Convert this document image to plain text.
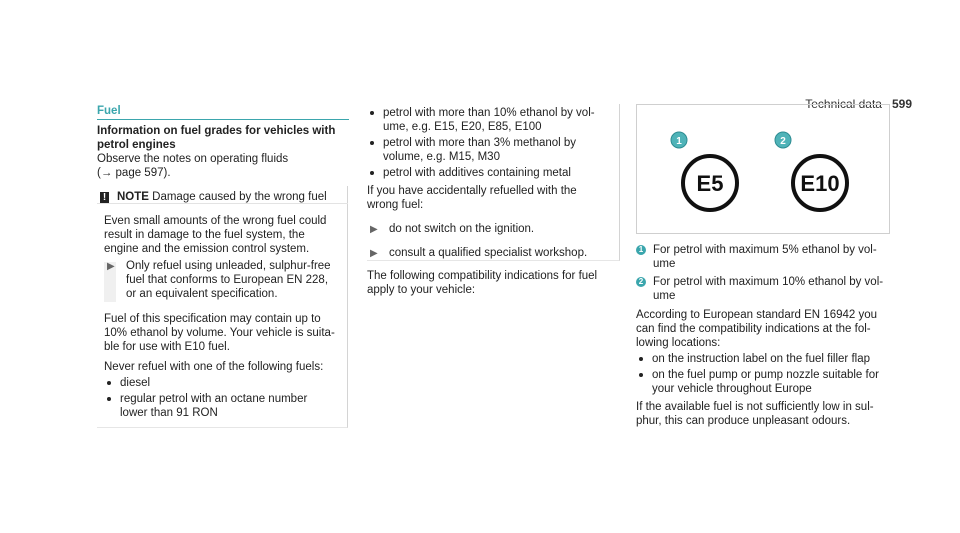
Technical data 599
Fuel

Information on fuel grades for vehicles with

petrol engines

Observe the notes on operating fluids

(→ page 597).

! NOTE Damage caused by the wrong fuel

Even small amounts of the wrong fuel could

result in damage to the fuel system, the

engine and the emission control system.

▶ Only refuel using unleaded, sulphur-free

fuel that conforms to European EN 228,

or an equivalent specification.

Fuel of this specification may contain up to

10% ethanol by volume. Your vehicle is suita-

ble for use with E10 fuel.

Never refuel with one of the following fuels:

diesel

regular petrol with an octane number

lower than 91 RON

petrol with more than 10% ethanol by vol-

ume, e.g. E15, E20, E85, E100

petrol with more than 3% methanol by

volume, e.g. M15, M30

petrol with additives containing metal

If you have accidentally refuelled with the

wrong fuel:

▶ do not switch on the ignition.

▶ consult a qualified specialist workshop.

The following compatibility indications for fuel

apply to your vehicle:

E5	E10
1	2
1 For petrol with maximum 5% ethanol by vol-

ume

2 For petrol with maximum 10% ethanol by vol-

ume

According to European standard EN 16942 you

can find the compatibility indications at the fol-

lowing locations:

on the instruction label on the fuel filler flap

on the fuel pump or pump nozzle suitable for

your vehicle throughout Europe

If the available fuel is not sufficiently low in sul-

phur, this can produce unpleasant odours.
